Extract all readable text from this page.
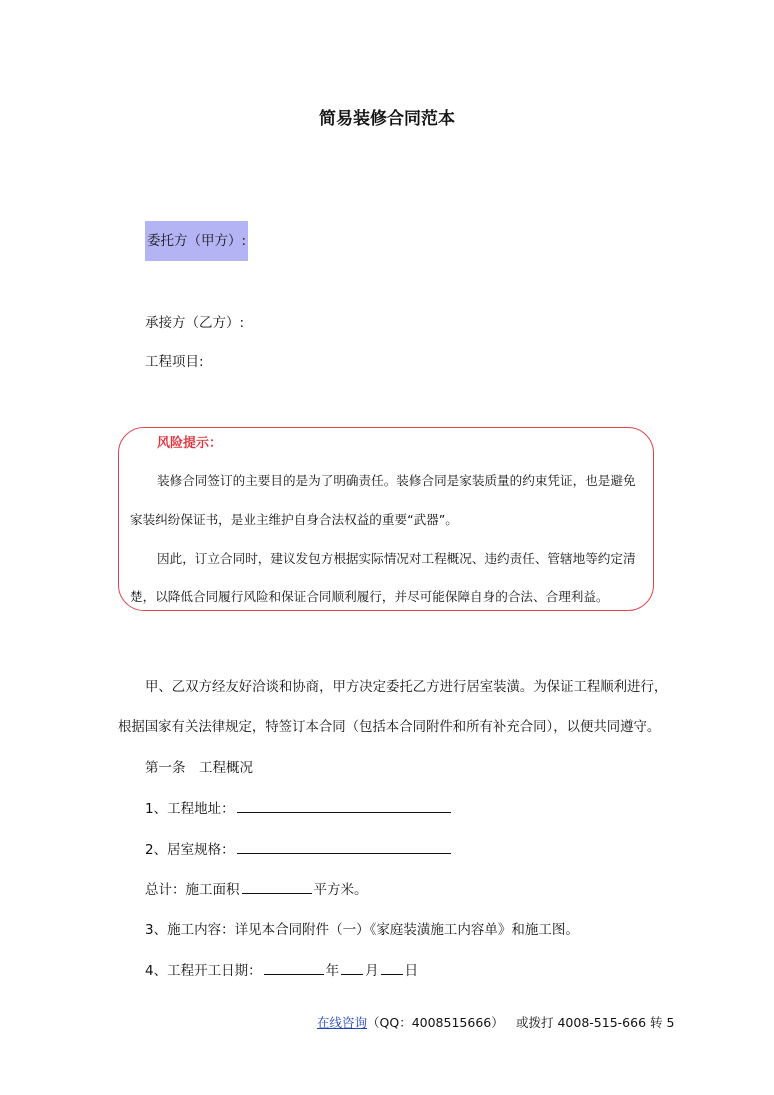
简易装修合同范本
委托方（甲方）:
承接方（乙方）:
工程项目:
风险提示：
装修合同签订的主要目的是为了明确责任。装修合同是家装质量的约束凭证，也是避免
家装纠纷保证书，是业主维护自身合法权益的重要“武器”。
因此，订立合同时，建议发包方根据实际情况对工程概况、违约责任、管辖地等约定清
楚，以降低合同履行风险和保证合同顺利履行，并尽可能保障自身的合法、合理利益。
甲、乙双方经友好洽谈和协商，甲方决定委托乙方进行居室装潢。为保证工程顺利进行，
根据国家有关法律规定，特签订本合同（包括本合同附件和所有补充合同），以便共同遵守。
第一条　工程概况
1、工程地址：
2、居室规格：
总计：施工面积	平方米。
3、施工内容：详见本合同附件（一）《家庭装潢施工内容单》和施工图。
4、工程开工日期：	年 月 日
在线咨询（QQ：4008515666） 或拨打 4008-515-666 转 5
